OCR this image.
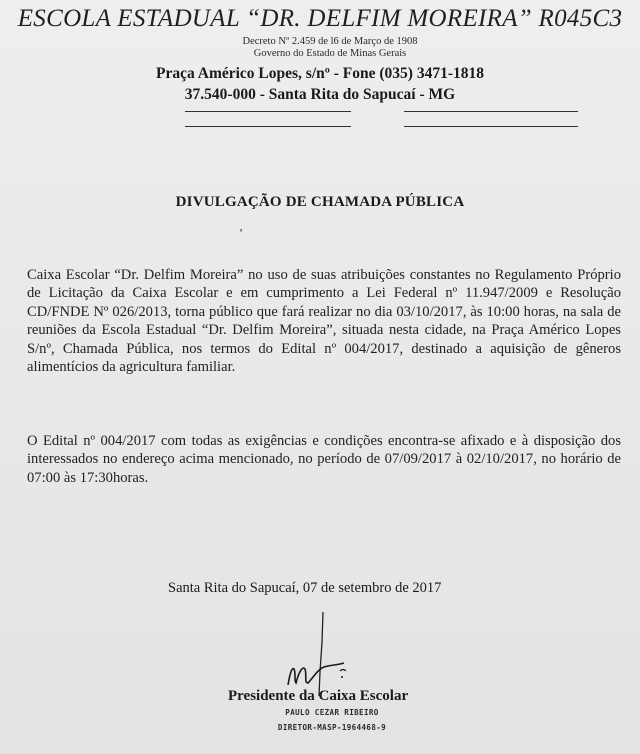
ESCOLA ESTADUAL “DR. DELFIM MOREIRA” R045C3
Decreto Nº 2.459 de l6 de Março de 1908
Governo do Estado de Minas Gerais
Praça Américo Lopes, s/nº - Fone (035) 3471-1818
37.540-000 - Santa Rita do Sapucaí - MG
DIVULGAÇÃO DE CHAMADA PÚBLICA
ʼ
Caixa Escolar “Dr. Delfim Moreira” no uso de suas atribuições constantes no Regulamento Próprio de Licitação da Caixa Escolar e em cumprimento a Lei Federal nº 11.947/2009 e Resolução CD/FNDE Nº 026/2013, torna público que fará realizar no dia 03/10/2017, às 10:00 horas, na sala de reuniões da Escola Estadual “Dr. Delfim Moreira”, situada nesta cidade, na Praça Américo Lopes S/nº, Chamada Pública, nos termos do Edital nº 004/2017, destinado a aquisição de gêneros alimentícios da agricultura familiar.
O Edital nº 004/2017 com todas as exigências e condições encontra-se afixado e à disposição dos interessados no endereço acima mencionado, no período de 07/09/2017 à 02/10/2017, no horário de 07:00 às 17:30horas.
Santa Rita do Sapucaí, 07 de setembro de 2017
Presidente da Caixa Escolar
PAULO CEZAR RIBEIRO
DIRETOR-MASP-1964468-9
